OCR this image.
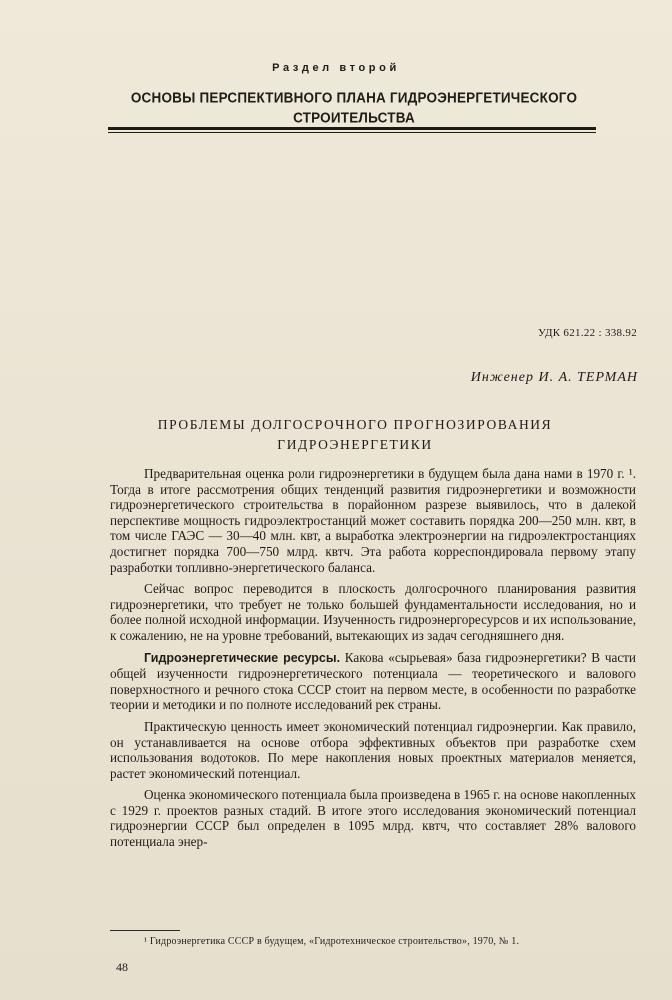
Раздел второй
ОСНОВЫ ПЕРСПЕКТИВНОГО ПЛАНА ГИДРОЭНЕРГЕТИЧЕСКОГО СТРОИТЕЛЬСТВА
УДК 621.22 : 338.92
Инженер И. А. ТЕРМАН
ПРОБЛЕМЫ ДОЛГОСРОЧНОГО ПРОГНОЗИРОВАНИЯ ГИДРОЭНЕРГЕТИКИ

Предварительная оценка роли гидроэнергетики в будущем была дана нами в 1970 г. ¹. Тогда в итоге рассмотрения общих тенденций развития гидроэнергетики и возможности гидроэнергетического строительства в порайонном разрезе выявилось, что в далекой перспективе мощность гидроэлектростанций может составить порядка 200—250 млн. квт, в том числе ГАЭС — 30—40 млн. квт, а выработка электроэнергии на гидроэлектростанциях достигнет порядка 700—750 млрд. квтч. Эта работа корреспондировала первому этапу разработки топливно-энергетического баланса.

Сейчас вопрос переводится в плоскость долгосрочного планирования развития гидроэнергетики, что требует не только большей фундаментальности исследования, но и более полной исходной информации. Изученность гидроэнергоресурсов и их использование, к сожалению, не на уровне требований, вытекающих из задач сегодняшнего дня.

Гидроэнергетические ресурсы. Какова «сырьевая» база гидроэнергетики? В части общей изученности гидроэнергетического потенциала — теоретического и валового поверхностного и речного стока СССР стоит на первом месте, в особенности по разработке теории и методики и по полноте исследований рек страны.

Практическую ценность имеет экономический потенциал гидроэнергии. Как правило, он устанавливается на основе отбора эффективных объектов при разработке схем использования водотоков. По мере накопления новых проектных материалов меняется, растет экономический потенциал.

Оценка экономического потенциала была произведена в 1965 г. на основе накопленных с 1929 г. проектов разных стадий. В итоге этого исследования экономический потенциал гидроэнергии СССР был определен в 1095 млрд. квтч, что составляет 28% валового потенциала энер-

¹ Гидроэнергетика СССР в будущем, «Гидротехническое строительство», 1970, № 1.
48
